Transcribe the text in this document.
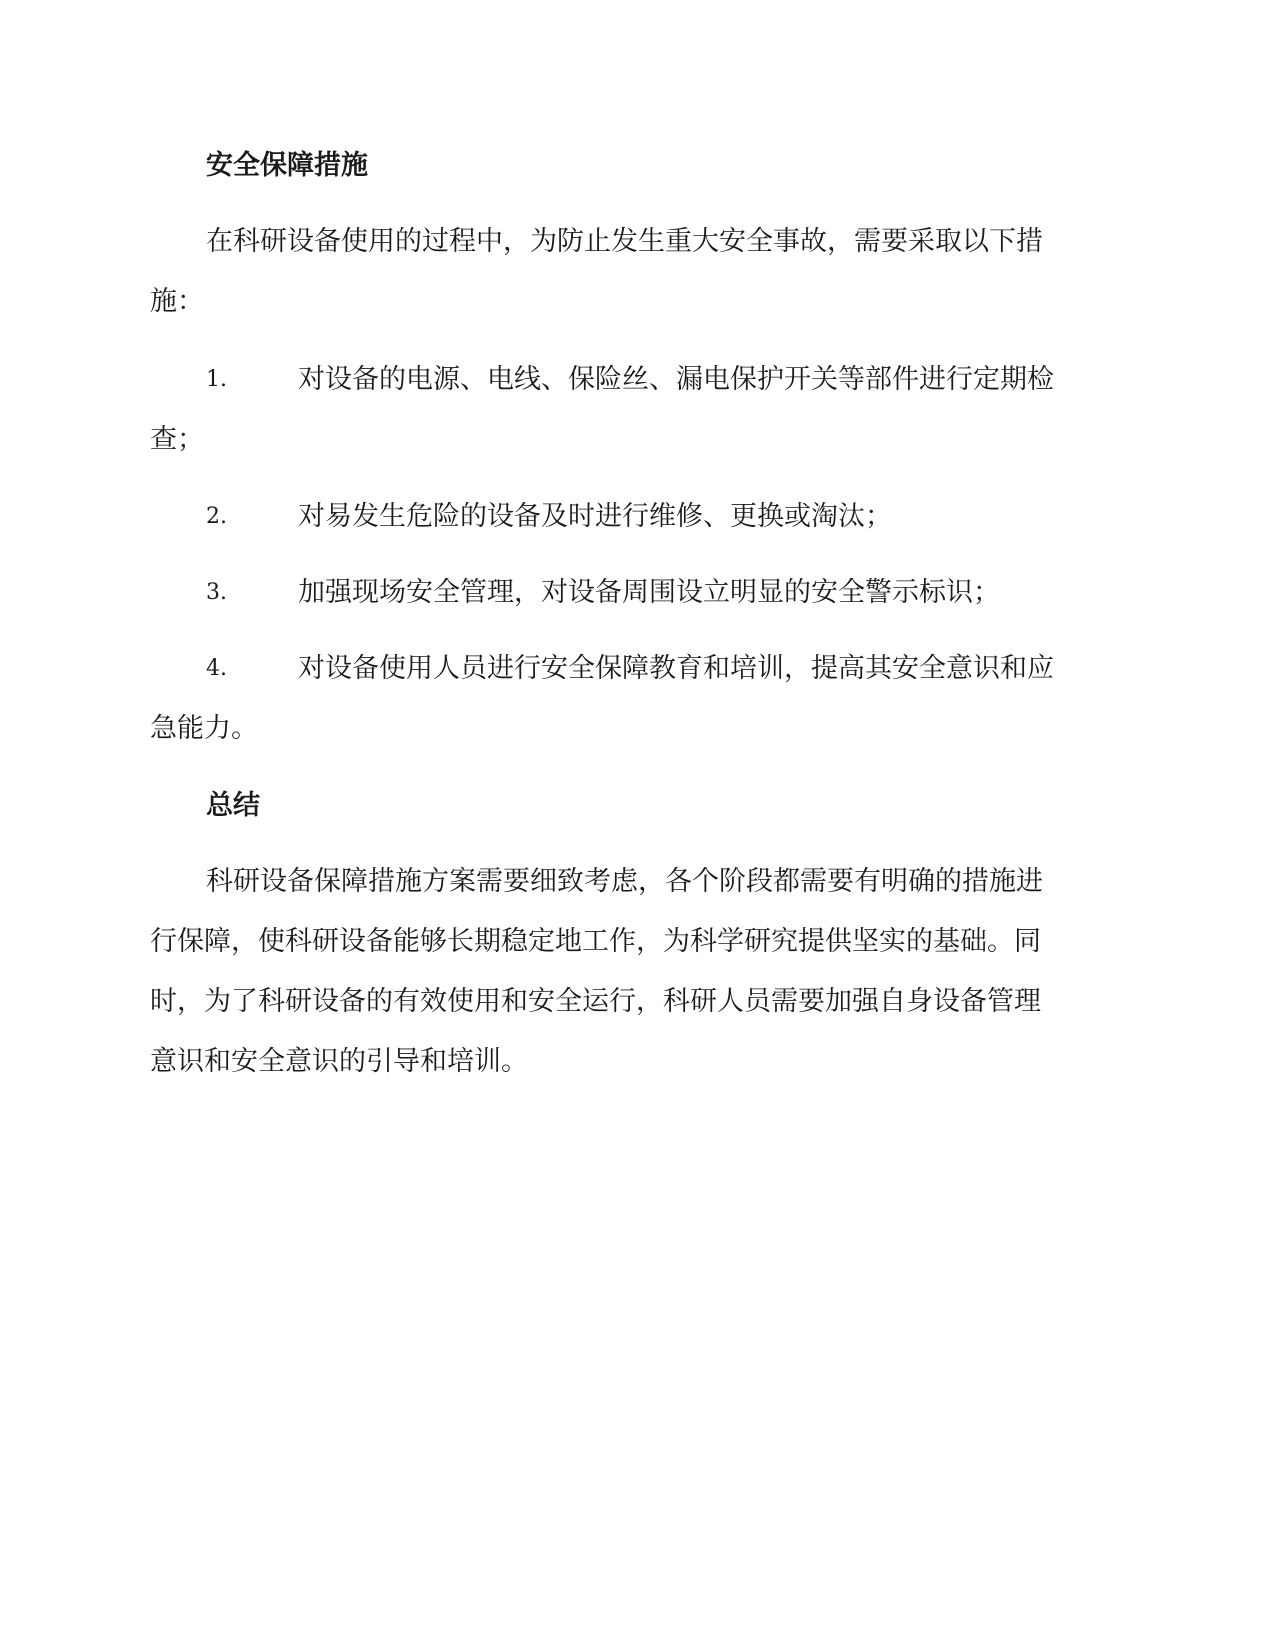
安全保障措施
在科研设备使用的过程中，为防止发生重大安全事故，需要采取以下措
施：
1.	对设备的电源、电线、保险丝、漏电保护开关等部件进行定期检
查；
2.	对易发生危险的设备及时进行维修、更换或淘汰；
3.	加强现场安全管理，对设备周围设立明显的安全警示标识；
4.	对设备使用人员进行安全保障教育和培训，提高其安全意识和应
急能力。
总结
科研设备保障措施方案需要细致考虑，各个阶段都需要有明确的措施进
行保障，使科研设备能够长期稳定地工作，为科学研究提供坚实的基础。同
时，为了科研设备的有效使用和安全运行，科研人员需要加强自身设备管理
意识和安全意识的引导和培训。
